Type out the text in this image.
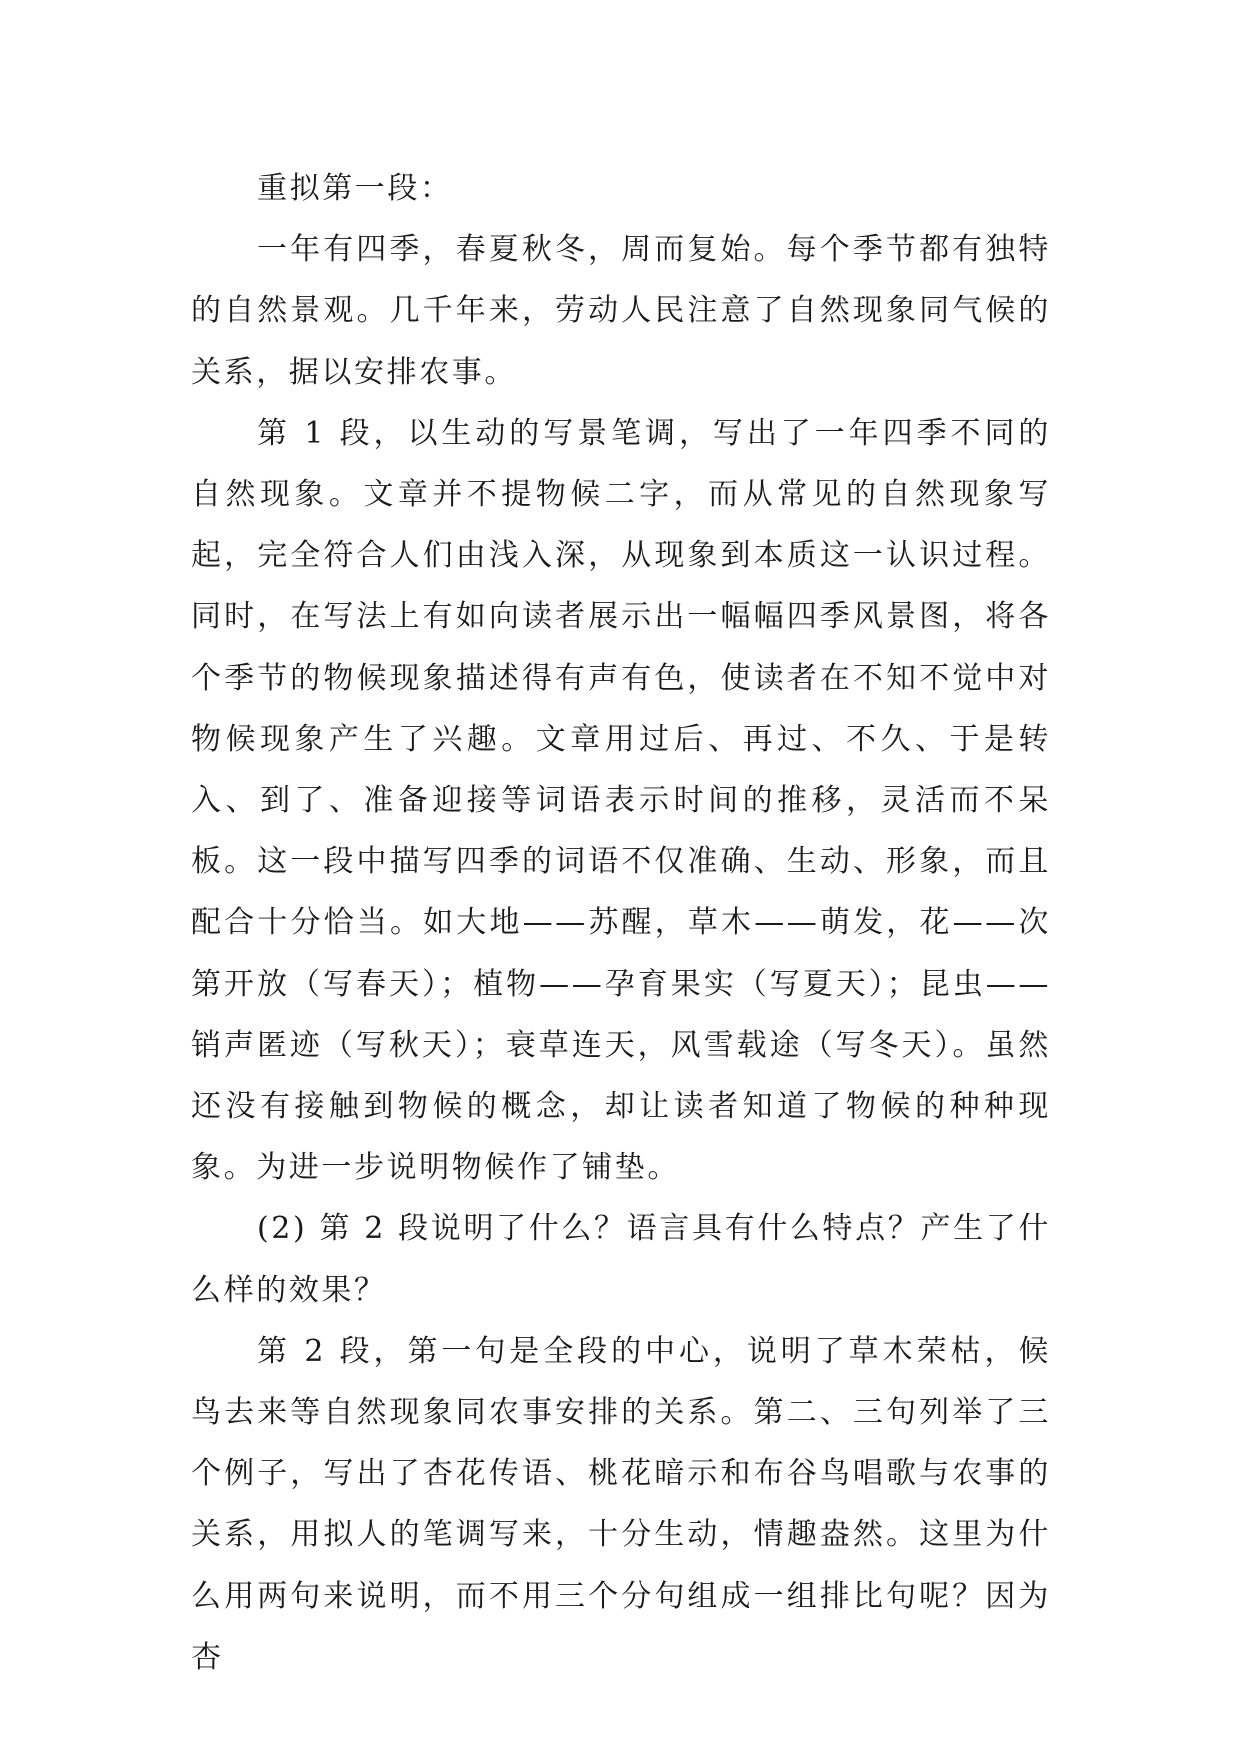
重拟第一段：

一年有四季，春夏秋冬，周而复始。每个季节都有独特的自然景观。几千年来，劳动人民注意了自然现象同气候的关系，据以安排农事。

第 1 段，以生动的写景笔调，写出了一年四季不同的自然现象。文章并不提物候二字，而从常见的自然现象写起，完全符合人们由浅入深，从现象到本质这一认识过程。同时，在写法上有如向读者展示出一幅幅四季风景图，将各个季节的物候现象描述得有声有色，使读者在不知不觉中对物候现象产生了兴趣。文章用过后、再过、不久、于是转入、到了、准备迎接等词语表示时间的推移，灵活而不呆板。这一段中描写四季的词语不仅准确、生动、形象，而且配合十分恰当。如大地——苏醒，草木——萌发，花——次第开放（写春天）；植物——孕育果实（写夏天）；昆虫——销声匿迹（写秋天）；衰草连天，风雪载途（写冬天）。虽然还没有接触到物候的概念，却让读者知道了物候的种种现象。为进一步说明物候作了铺垫。

(2) 第 2 段说明了什么？语言具有什么特点？产生了什么样的效果？

第 2 段，第一句是全段的中心，说明了草木荣枯，候鸟去来等自然现象同农事安排的关系。第二、三句列举了三个例子，写出了杏花传语、桃花暗示和布谷鸟唱歌与农事的关系，用拟人的笔调写来，十分生动，情趣盎然。这里为什么用两句来说明，而不用三个分句组成一组排比句呢？因为杏
